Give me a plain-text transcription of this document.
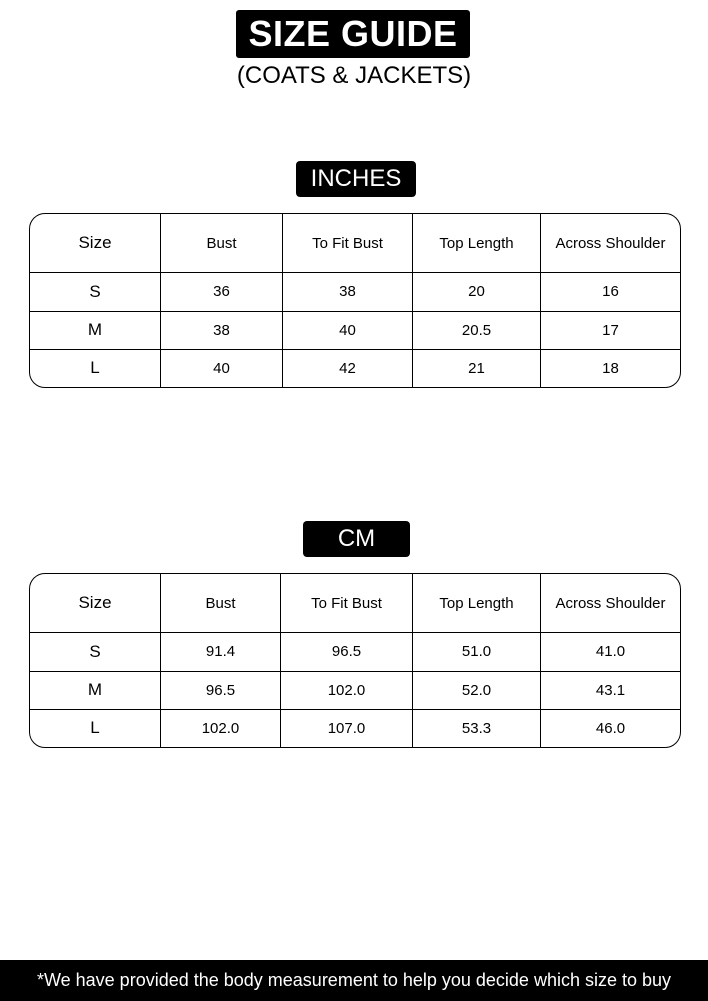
SIZE GUIDE
(COATS & JACKETS)
INCHES
Size	Bust	To Fit Bust	Top Length	Across Shoulder
S	36	38	20	16
M	38	40	20.5	17
L	40	42	21	18
CM
Size	Bust	To Fit Bust	Top Length	Across Shoulder
S	91.4	96.5	51.0	41.0
M	96.5	102.0	52.0	43.1
L	102.0	107.0	53.3	46.0
*We have provided the body measurement to help you decide which size to buy
